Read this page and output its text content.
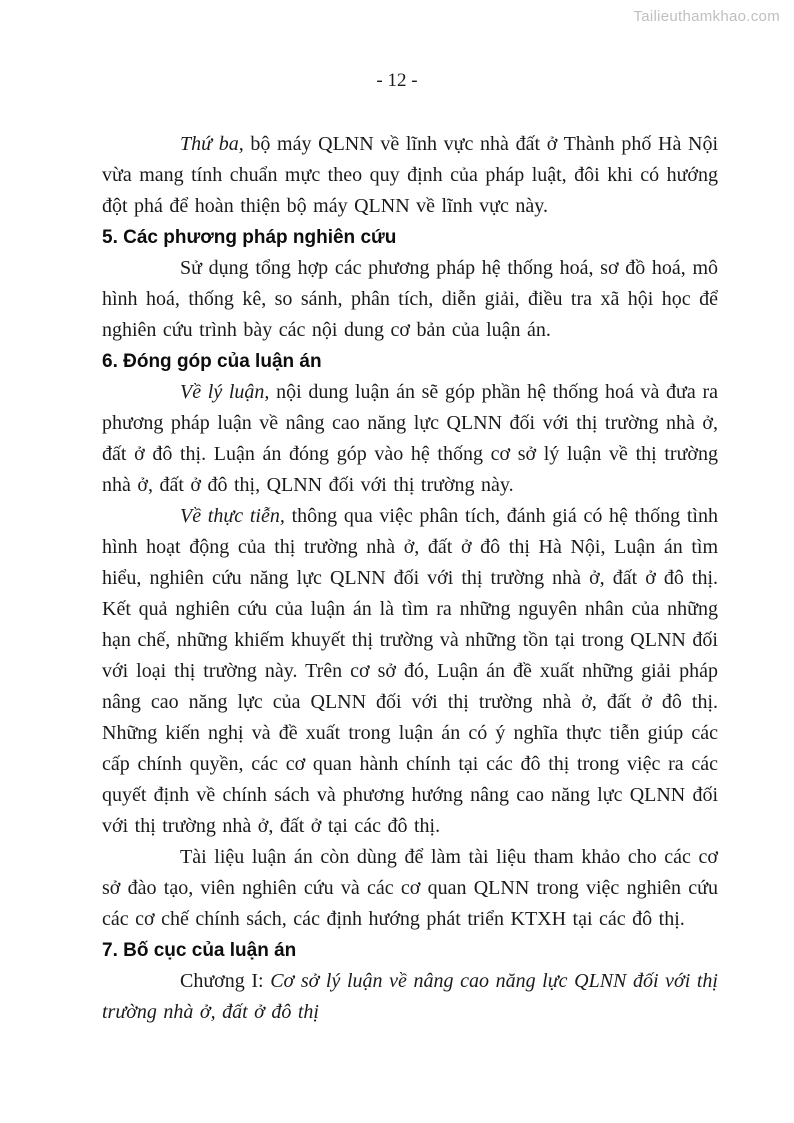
Tailieuthamkhao.com
- 12 -

Thứ ba, bộ máy QLNN về lĩnh vực nhà đất ở Thành phố Hà Nội vừa mang tính chuẩn mực theo quy định của pháp luật, đôi khi có hướng đột phá để hoàn thiện bộ máy QLNN về lĩnh vực này.

5. Các phương pháp nghiên cứu

Sử dụng tổng hợp các phương pháp hệ thống hoá, sơ đồ hoá, mô hình hoá, thống kê, so sánh, phân tích, diễn giải, điều tra xã hội học để nghiên cứu trình bày các nội dung cơ bản của luận án.

6. Đóng góp của luận án

Về lý luận, nội dung luận án sẽ góp phần hệ thống hoá và đưa ra phương pháp luận về nâng cao năng lực QLNN đối với thị trường nhà ở, đất ở đô thị. Luận án đóng góp vào hệ thống cơ sở lý luận về thị trường nhà ở, đất ở đô thị, QLNN đối với thị trường này.

Về thực tiễn, thông qua việc phân tích, đánh giá có hệ thống tình hình hoạt động của thị trường nhà ở, đất ở đô thị Hà Nội, Luận án tìm hiểu, nghiên cứu năng lực QLNN đối với thị trường nhà ở, đất ở đô thị. Kết quả nghiên cứu của luận án là tìm ra những nguyên nhân của những hạn chế, những khiếm khuyết thị trường và những tồn tại trong QLNN đối với loại thị trường này. Trên cơ sở đó, Luận án đề xuất những giải pháp nâng cao năng lực của QLNN đối với thị trường nhà ở, đất ở đô thị. Những kiến nghị và đề xuất trong luận án có ý nghĩa thực tiễn giúp các cấp chính quyền, các cơ quan hành chính tại các đô thị trong việc ra các quyết định về chính sách và phương hướng nâng cao năng lực QLNN đối với thị trường nhà ở, đất ở tại các đô thị.

Tài liệu luận án còn dùng để làm tài liệu tham khảo cho các cơ sở đào tạo, viên nghiên cứu và các cơ quan QLNN trong việc nghiên cứu các cơ chế chính sách, các định hướng phát triển KTXH tại các đô thị.

7. Bố cục của luận án

Chương I: Cơ sở lý luận về nâng cao năng lực QLNN đối với thị trường nhà ở, đất ở đô thị
